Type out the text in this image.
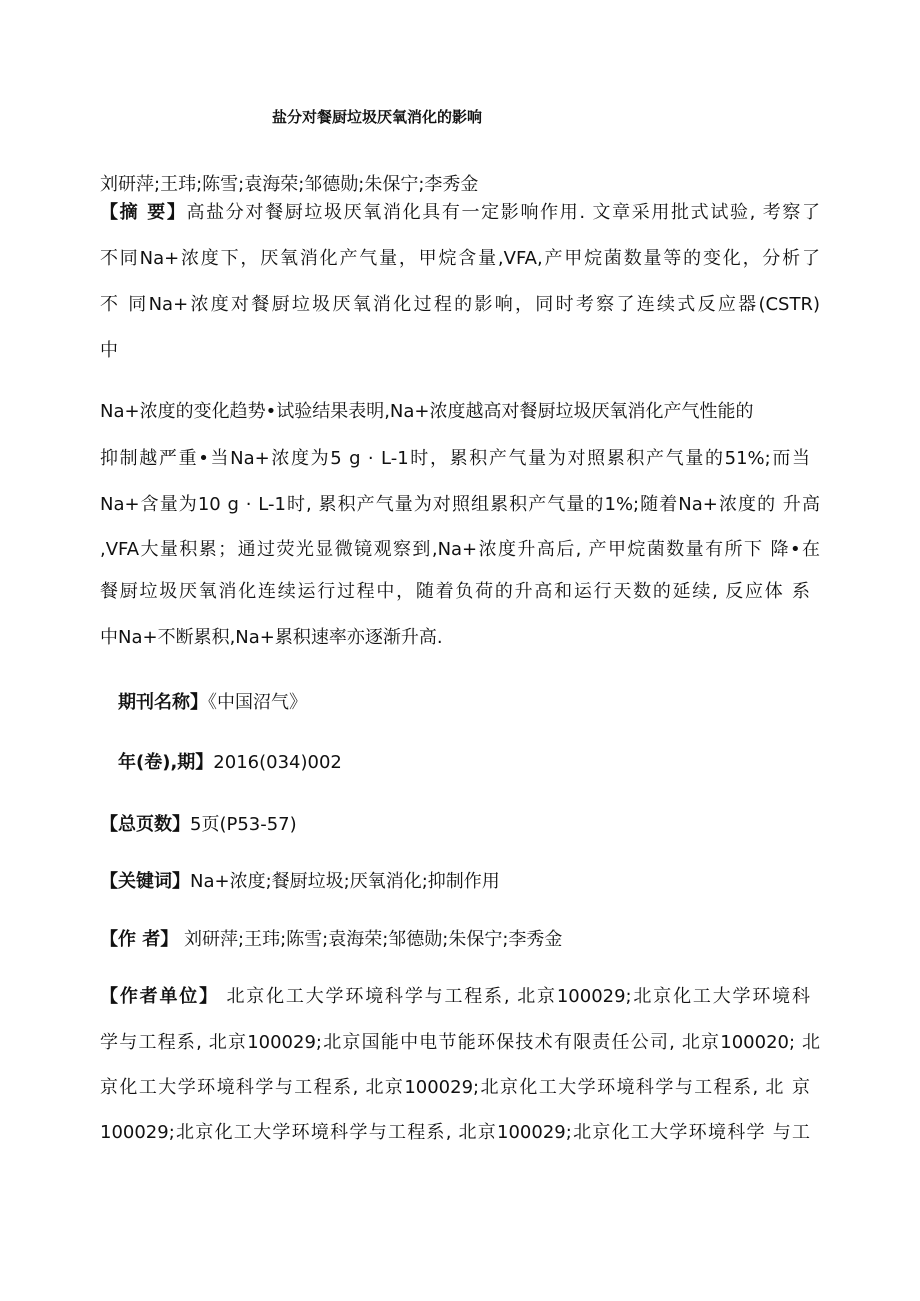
盐分对餐厨垃圾厌氧消化的影响
刘研萍;王玮;陈雪;袁海荣;邹德勋;朱保宁;李秀金
【摘 要】高盐分对餐厨垃圾厌氧消化具有一定影响作用. 文章采用批式试验, 考察了
不同Na+浓度下，厌氧消化产气量，甲烷含量,VFA,产甲烷菌数量等的变化，分析了
不 同Na+浓度对餐厨垃圾厌氧消化过程的影响，同时考察了连续式反应器(CSTR)
中
Na+浓度的变化趋势•试验结果表明,Na+浓度越高对餐厨垃圾厌氧消化产气性能的
抑制越严重•当Na+浓度为5 g · L-1时，累积产气量为对照累积产气量的51%;而当
Na+含量为10 g · L-1时, 累积产气量为对照组累积产气量的1%;随着Na+浓度的 升高
,VFA大量积累；通过荧光显微镜观察到,Na+浓度升高后, 产甲烷菌数量有所下 降•在
餐厨垃圾厌氧消化连续运行过程中，随着负荷的升高和运行天数的延续, 反应体 系
中Na+不断累积,Na+累积速率亦逐渐升高.
期刊名称】《中国沼气》
年(卷),期】2016(034)002
【总页数】5页(P53-57)
【关键词】Na+浓度;餐厨垃圾;厌氧消化;抑制作用
【作 者】 刘研萍;王玮;陈雪;袁海荣;邹德勋;朱保宁;李秀金
【作者单位】 北京化工大学环境科学与工程系, 北京100029;北京化工大学环境科
学与工程系, 北京100029;北京国能中电节能环保技术有限责任公司, 北京100020; 北
京化工大学环境科学与工程系, 北京100029;北京化工大学环境科学与工程系, 北 京
100029;北京化工大学环境科学与工程系, 北京100029;北京化工大学环境科学 与工
